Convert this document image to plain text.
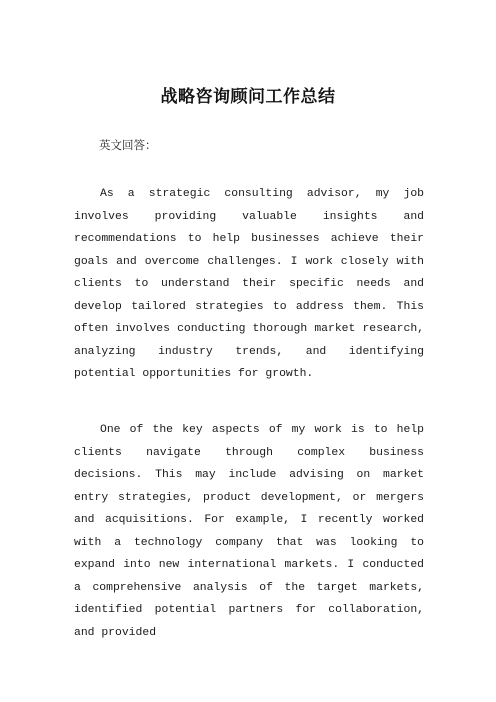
战略咨询顾问工作总结

英文回答：

As a strategic consulting advisor, my job involves providing valuable insights and recommendations to help businesses achieve their goals and overcome challenges. I work closely with clients to understand their specific needs and develop tailored strategies to address them. This often involves conducting thorough market research, analyzing industry trends, and identifying potential opportunities for growth.

One of the key aspects of my work is to help clients navigate through complex business decisions. This may include advising on market entry strategies, product development, or mergers and acquisitions. For example, I recently worked with a technology company that was looking to expand into new international markets. I conducted a comprehensive analysis of the target markets, identified potential partners for collaboration, and provided
